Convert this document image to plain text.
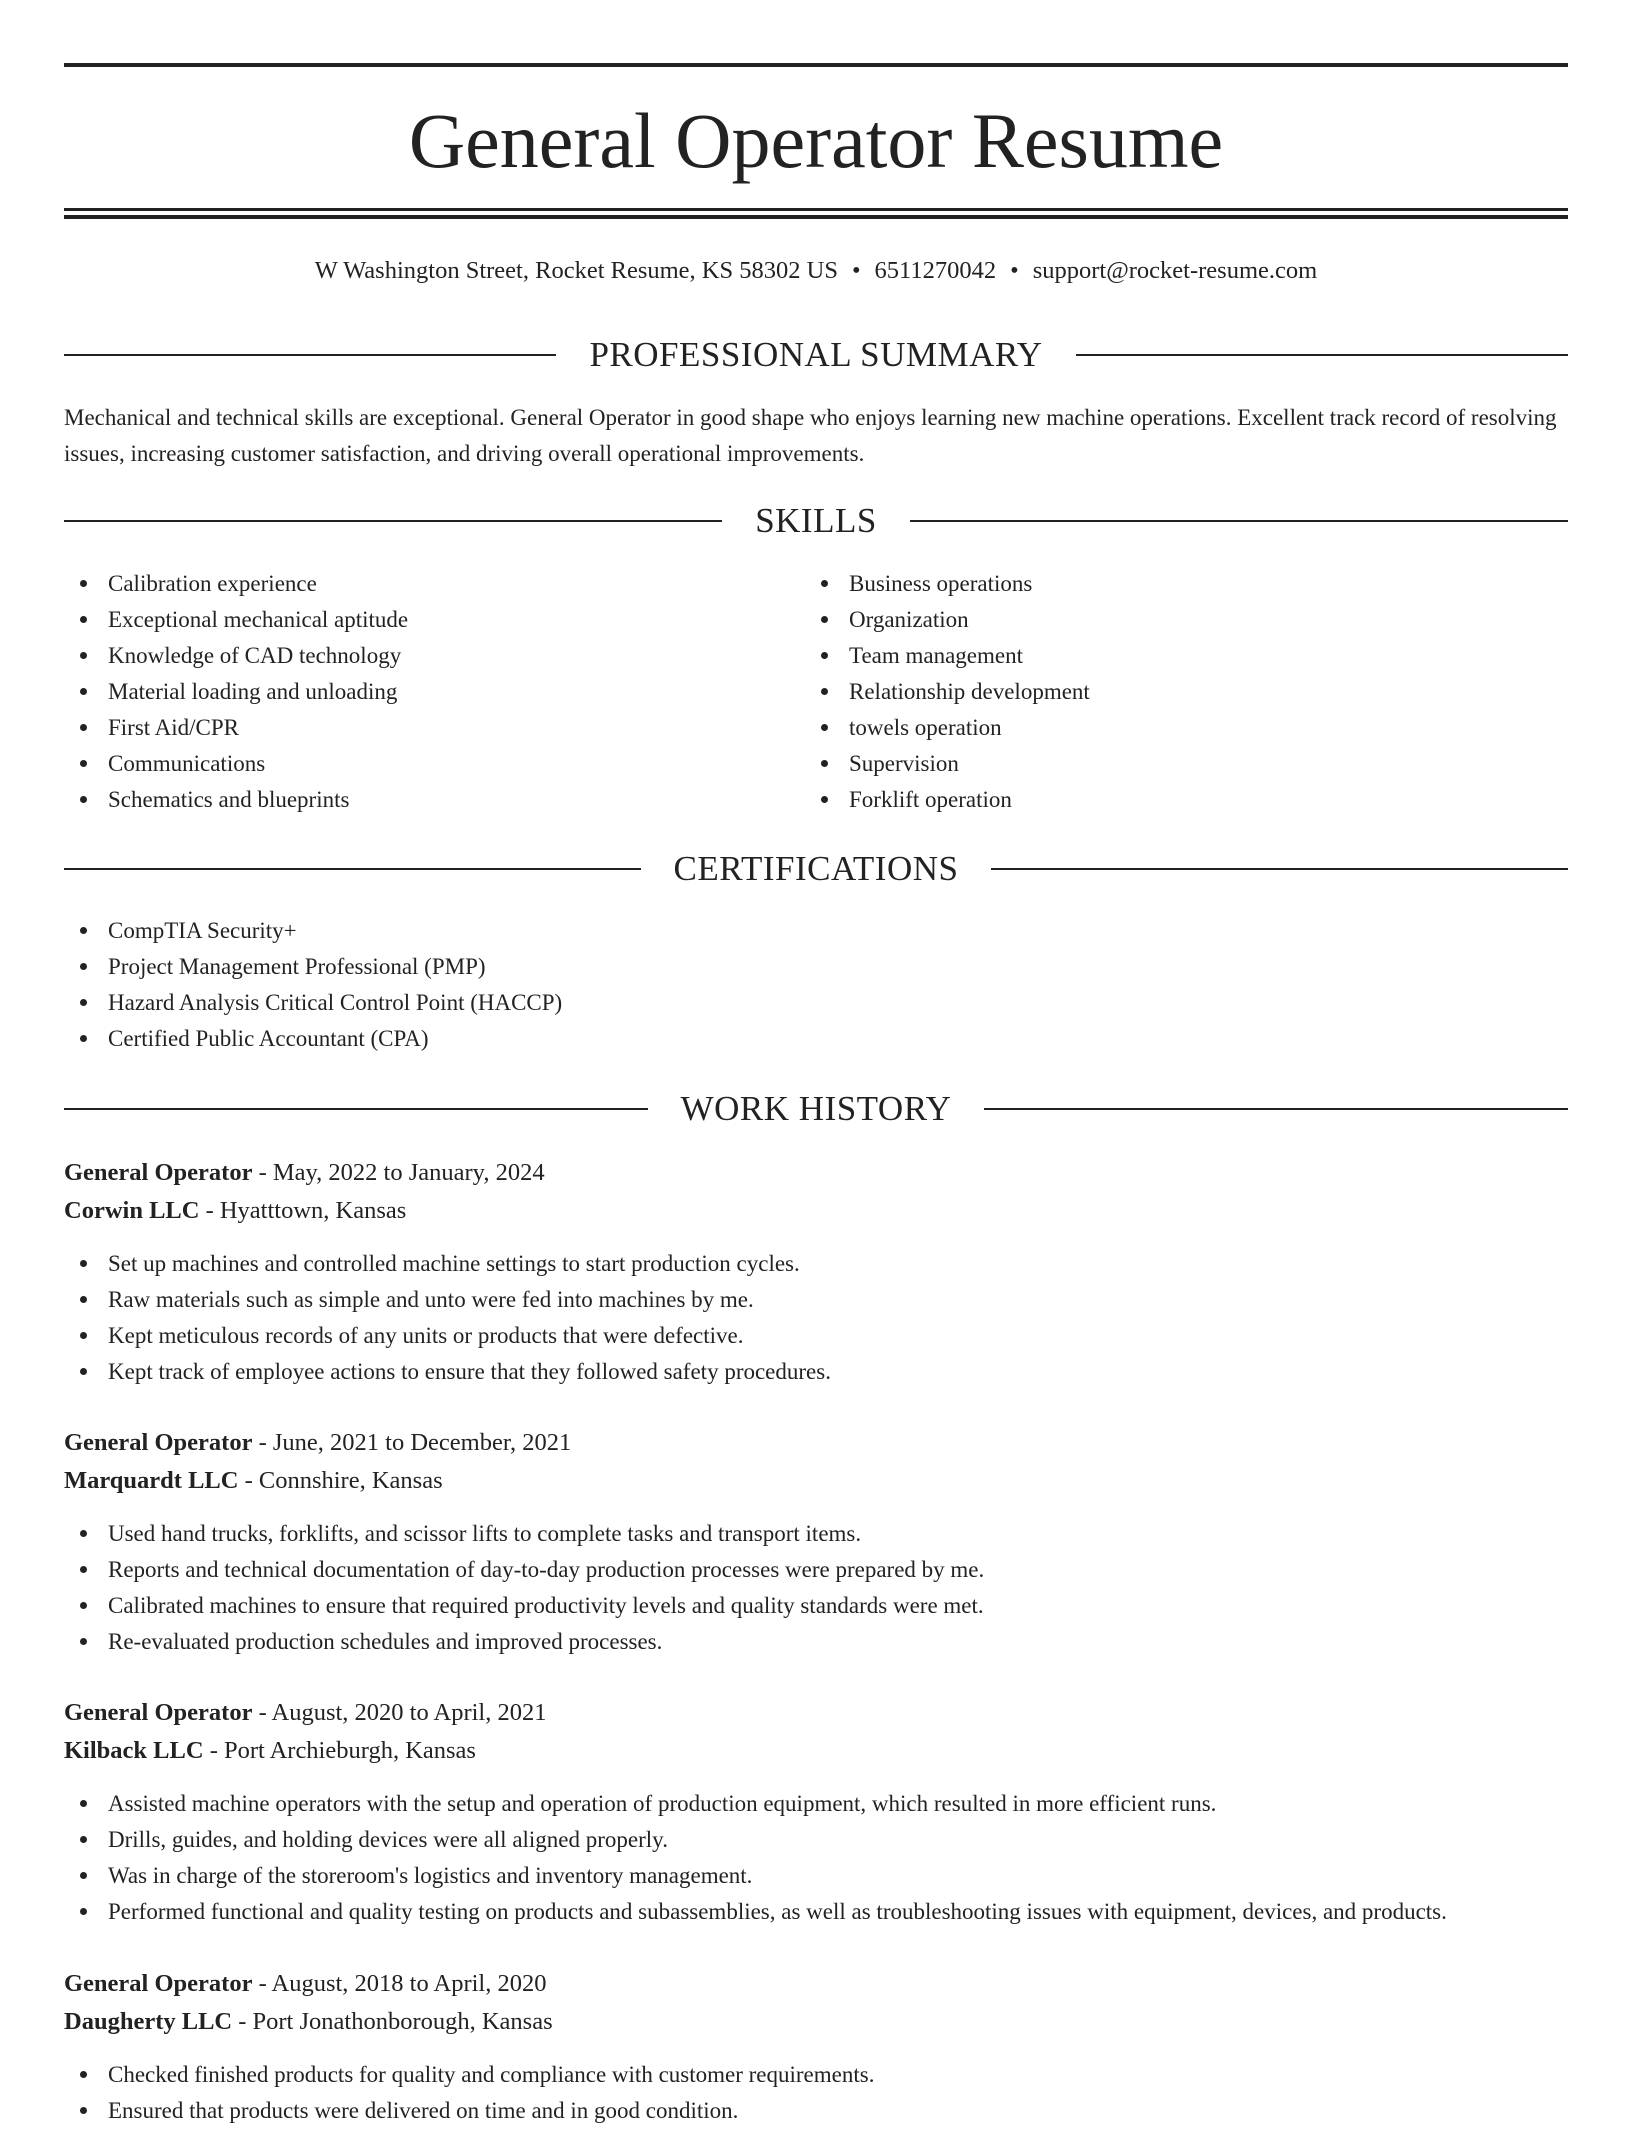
General Operator Resume
W Washington Street, Rocket Resume, KS 58302 US • 6511270042 • support@rocket-resume.com
PROFESSIONAL SUMMARY
Mechanical and technical skills are exceptional. General Operator in good shape who enjoys learning new machine operations. Excellent track record of resolving issues, increasing customer satisfaction, and driving overall operational improvements.
SKILLS
Calibration experience
Exceptional mechanical aptitude
Knowledge of CAD technology
Material loading and unloading
First Aid/CPR
Communications
Schematics and blueprints
Business operations
Organization
Team management
Relationship development
towels operation
Supervision
Forklift operation
CERTIFICATIONS
CompTIA Security+
Project Management Professional (PMP)
Hazard Analysis Critical Control Point (HACCP)
Certified Public Accountant (CPA)
WORK HISTORY
General Operator - May, 2022 to January, 2024
Corwin LLC - Hyatttown, Kansas
Set up machines and controlled machine settings to start production cycles.
Raw materials such as simple and unto were fed into machines by me.
Kept meticulous records of any units or products that were defective.
Kept track of employee actions to ensure that they followed safety procedures.
General Operator - June, 2021 to December, 2021
Marquardt LLC - Connshire, Kansas
Used hand trucks, forklifts, and scissor lifts to complete tasks and transport items.
Reports and technical documentation of day-to-day production processes were prepared by me.
Calibrated machines to ensure that required productivity levels and quality standards were met.
Re-evaluated production schedules and improved processes.
General Operator - August, 2020 to April, 2021
Kilback LLC - Port Archieburgh, Kansas
Assisted machine operators with the setup and operation of production equipment, which resulted in more efficient runs.
Drills, guides, and holding devices were all aligned properly.
Was in charge of the storeroom's logistics and inventory management.
Performed functional and quality testing on products and subassemblies, as well as troubleshooting issues with equipment, devices, and products.
General Operator - August, 2018 to April, 2020
Daugherty LLC - Port Jonathonborough, Kansas
Checked finished products for quality and compliance with customer requirements.
Ensured that products were delivered on time and in good condition.
